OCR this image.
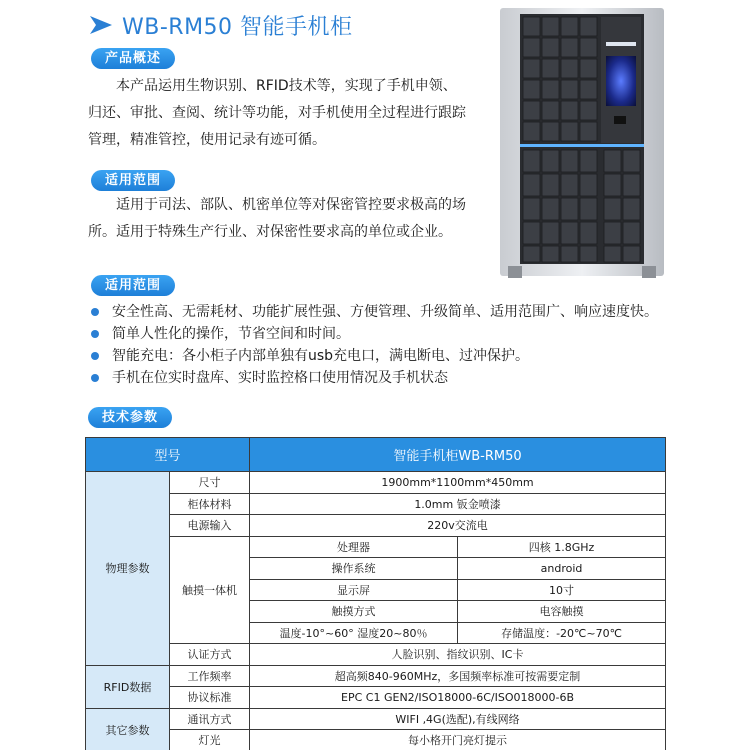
WB-RM50 智能手机柜
产品概述
本产品运用生物识别、RFID技术等，实现了手机申领、
归还、审批、查阅、统计等功能，对手机使用全过程进行跟踪
管理，精准管控，使用记录有迹可循。
适用范围
适用于司法、部队、机密单位等对保密管控要求极高的场
所。适用于特殊生产行业、对保密性要求高的单位或企业。
适用范围
安全性高、无需耗材、功能扩展性强、方便管理、升级简单、适用范围广、响应速度快。
简单人性化的操作，节省空间和时间。
智能充电：各小柜子内部单独有usb充电口，满电断电、过冲保护。
手机在位实时盘库、实时监控格口使用情况及手机状态
技术参数
型号		智能手机柜WB-RM50	
物理参数	尺寸	1900mm*1100mm*450mm	
	柜体材料	1.0mm 钣金喷漆	
	电源输入	220v交流电	
	触摸一体机	处理器	四核 1.8GHz
		操作系统	android
		显示屏	10寸
		触摸方式	电容触摸
		温度-10°~60° 湿度20~80％	存储温度：-20℃~70℃
	认证方式	人脸识别、指纹识别、IC卡	
RFID数据	工作频率	超高频840-960MHz，多国频率标准可按需要定制	
	协议标准	EPC C1 GEN2/ISO18000-6C/ISO018000-6B	
其它参数	通讯方式	WIFI ,4G(选配),有线网络	
	灯光	每小格开门亮灯提示	
